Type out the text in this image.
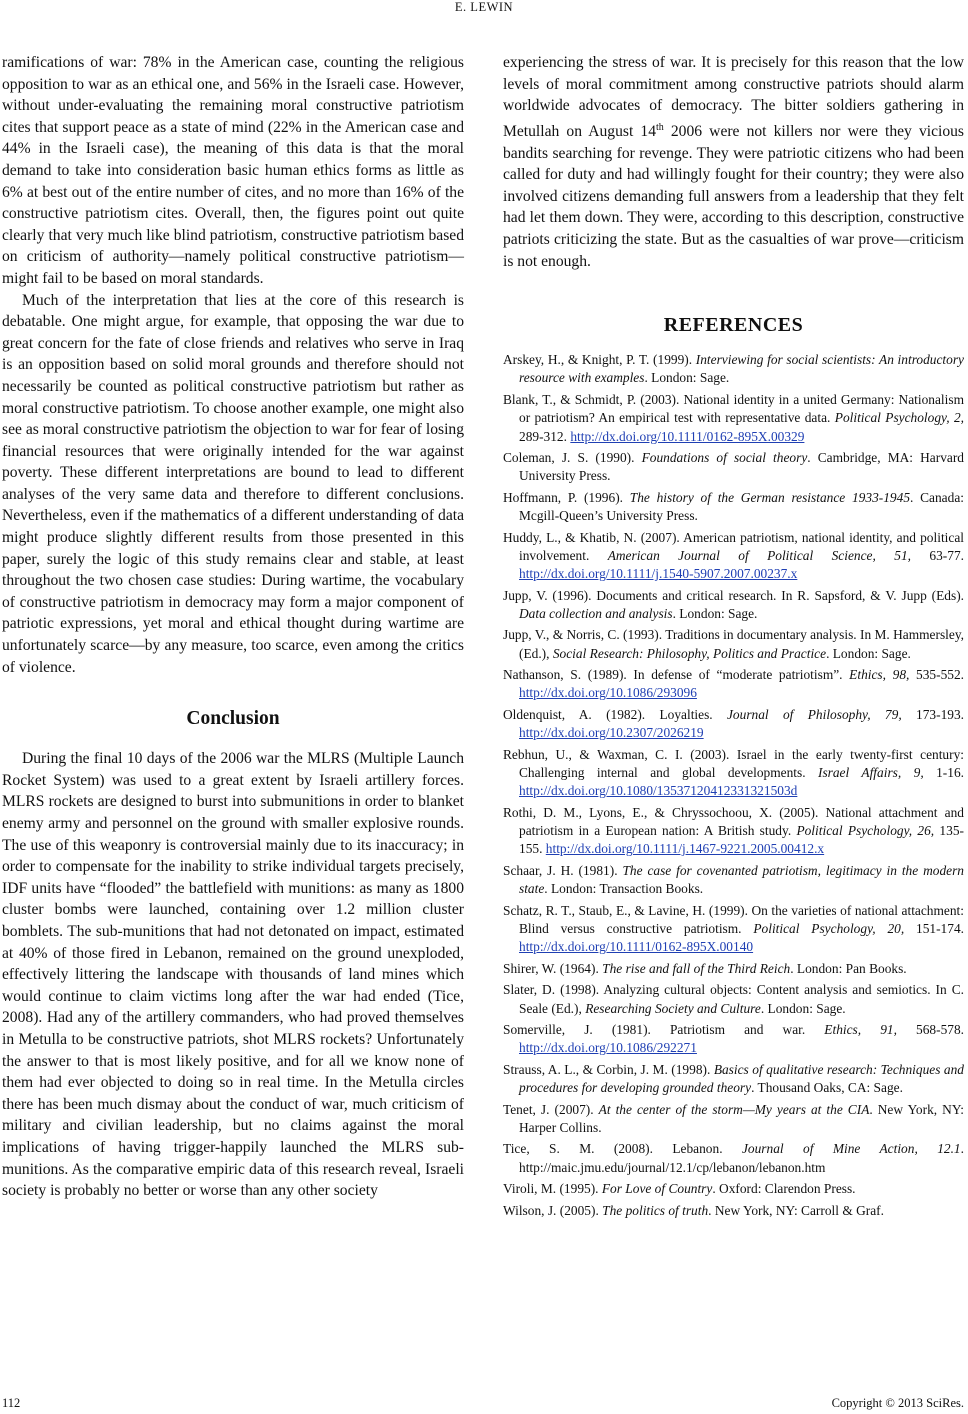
E. LEWIN

ramifications of war: 78% in the American case, counting the religious opposition to war as an ethical one, and 56% in the Israeli case. However, without under-evaluating the remaining moral constructive patriotism cites that support peace as a state of mind (22% in the American case and 44% in the Israeli case), the meaning of this data is that the moral demand to take into consideration basic human ethics forms as little as 6% at best out of the entire number of cites, and no more than 16% of the constructive patriotism cites. Overall, then, the figures point out quite clearly that very much like blind patriotism, constructive patriotism based on criticism of authority—namely political constructive patriotism—might fail to be based on moral standards.

Much of the interpretation that lies at the core of this research is debatable. One might argue, for example, that opposing the war due to great concern for the fate of close friends and relatives who serve in Iraq is an opposition based on solid moral grounds and therefore should not necessarily be counted as political constructive patriotism but rather as moral constructive patriotism. To choose another example, one might also see as moral constructive patriotism the objection to war for fear of losing financial resources that were originally intended for the war against poverty. These different interpretations are bound to lead to different analyses of the very same data and therefore to different conclusions. Nevertheless, even if the mathematics of a different understanding of data might produce slightly different results from those presented in this paper, surely the logic of this study remains clear and stable, at least throughout the two chosen case studies: During wartime, the vocabulary of constructive patriotism in democracy may form a major component of patriotic expressions, yet moral and ethical thought during wartime are unfortunately scarce—by any measure, too scarce, even among the critics of violence.

Conclusion

During the final 10 days of the 2006 war the MLRS (Multiple Launch Rocket System) was used to a great extent by Israeli artillery forces. MLRS rockets are designed to burst into submunitions in order to blanket enemy army and personnel on the ground with smaller explosive rounds. The use of this weaponry is controversial mainly due to its inaccuracy; in order to compensate for the inability to strike individual targets precisely, IDF units have “flooded” the battlefield with munitions: as many as 1800 cluster bombs were launched, containing over 1.2 million cluster bomblets. The sub-munitions that had not detonated on impact, estimated at 40% of those fired in Lebanon, remained on the ground unexploded, effectively littering the landscape with thousands of land mines which would continue to claim victims long after the war had ended (Tice, 2008). Had any of the artillery commanders, who had proved themselves in Metulla to be constructive patriots, shot MLRS rockets? Unfortunately the answer to that is most likely positive, and for all we know none of them had ever objected to doing so in real time. In the Metulla circles there has been much dismay about the conduct of war, much criticism of military and civilian leadership, but no claims against the moral implications of having trigger-happily launched the MLRS sub-munitions. As the comparative empiric data of this research reveal, Israeli society is probably no better or worse than any other society

experiencing the stress of war. It is precisely for this reason that the low levels of moral commitment among constructive patriots should alarm worldwide advocates of democracy. The bitter soldiers gathering in Metullah on August 14th 2006 were not killers nor were they vicious bandits searching for revenge. They were patriotic citizens who had been called for duty and had willingly fought for their country; they were also involved citizens demanding full answers from a leadership that they felt had let them down. They were, according to this description, constructive patriots criticizing the state. But as the casualties of war prove—criticism is not enough.

REFERENCES
Arskey, H., & Knight, P. T. (1999). Interviewing for social scientists: An introductory resource with examples. London: Sage.
Blank, T., & Schmidt, P. (2003). National identity in a united Germany: Nationalism or patriotism? An empirical test with representative data. Political Psychology, 2, 289-312. http://dx.doi.org/10.1111/0162-895X.00329
Coleman, J. S. (1990). Foundations of social theory. Cambridge, MA: Harvard University Press.
Hoffmann, P. (1996). The history of the German resistance 1933-1945. Canada: Mcgill-Queen’s University Press.
Huddy, L., & Khatib, N. (2007). American patriotism, national identity, and political involvement. American Journal of Political Science, 51, 63-77. http://dx.doi.org/10.1111/j.1540-5907.2007.00237.x
Jupp, V. (1996). Documents and critical research. In R. Sapsford, & V. Jupp (Eds). Data collection and analysis. London: Sage.
Jupp, V., & Norris, C. (1993). Traditions in documentary analysis. In M. Hammersley, (Ed.), Social Research: Philosophy, Politics and Practice. London: Sage.
Nathanson, S. (1989). In defense of “moderate patriotism”. Ethics, 98, 535-552. http://dx.doi.org/10.1086/293096
Oldenquist, A. (1982). Loyalties. Journal of Philosophy, 79, 173-193. http://dx.doi.org/10.2307/2026219
Rebhun, U., & Waxman, C. I. (2003). Israel in the early twenty-first century: Challenging internal and global developments. Israel Affairs, 9, 1-16. http://dx.doi.org/10.1080/13537120412331321503d
Rothi, D. M., Lyons, E., & Chryssochoou, X. (2005). National attachment and patriotism in a European nation: A British study. Political Psychology, 26, 135-155. http://dx.doi.org/10.1111/j.1467-9221.2005.00412.x
Schaar, J. H. (1981). The case for covenanted patriotism, legitimacy in the modern state. London: Transaction Books.
Schatz, R. T., Staub, E., & Lavine, H. (1999). On the varieties of national attachment: Blind versus constructive patriotism. Political Psychology, 20, 151-174. http://dx.doi.org/10.1111/0162-895X.00140
Shirer, W. (1964). The rise and fall of the Third Reich. London: Pan Books.
Slater, D. (1998). Analyzing cultural objects: Content analysis and semiotics. In C. Seale (Ed.), Researching Society and Culture. London: Sage.
Somerville, J. (1981). Patriotism and war. Ethics, 91, 568-578. http://dx.doi.org/10.1086/292271
Strauss, A. L., & Corbin, J. M. (1998). Basics of qualitative research: Techniques and procedures for developing grounded theory. Thousand Oaks, CA: Sage.
Tenet, J. (2007). At the center of the storm—My years at the CIA. New York, NY: Harper Collins.
Tice, S. M. (2008). Lebanon. Journal of Mine Action, 12.1. http://maic.jmu.edu/journal/12.1/cp/lebanon/lebanon.htm
Viroli, M. (1995). For Love of Country. Oxford: Clarendon Press.
Wilson, J. (2005). The politics of truth. New York, NY: Carroll & Graf.
112	Copyright © 2013 SciRes.
